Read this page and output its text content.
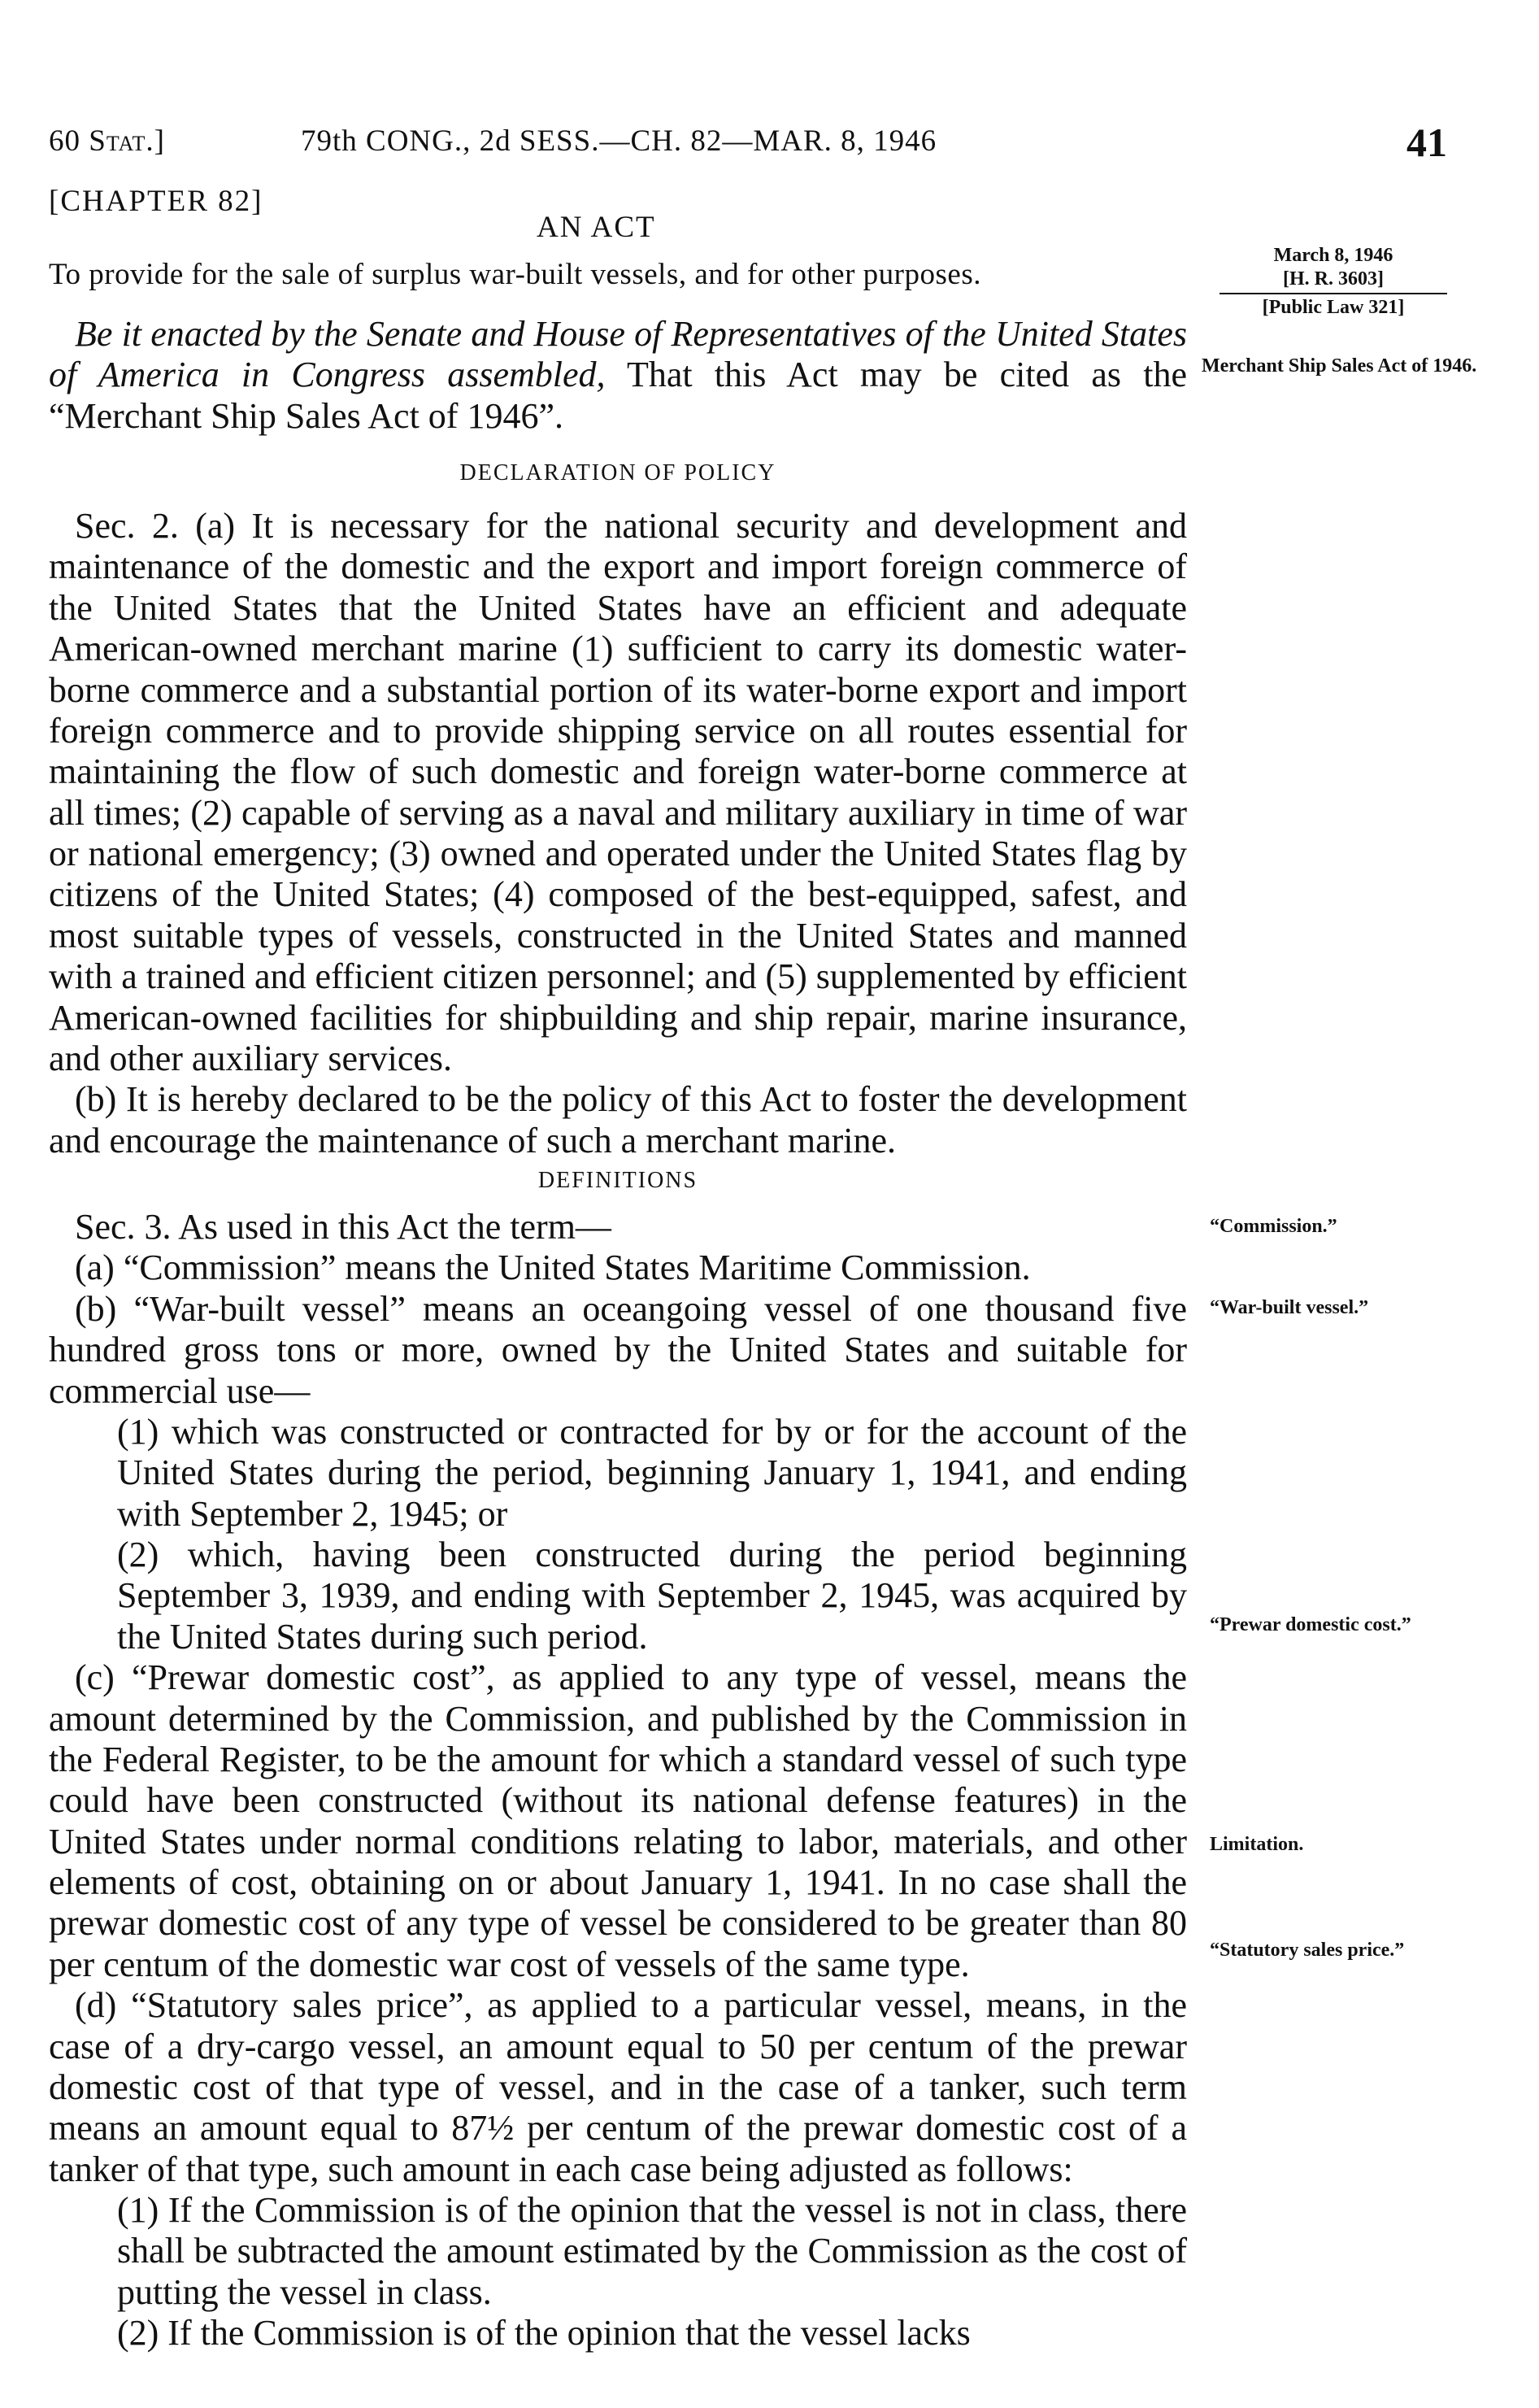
60 Stat.]	79th CONG., 2d SESS.—CH. 82—MAR. 8, 1946	41
[CHAPTER 82]
AN ACT
To provide for the sale of surplus war-built vessels, and for other purposes.
March 8, 1946
[H. R. 3603]
[Public Law 321]

Be it enacted by the Senate and House of Representatives of the United States of America in Congress assembled, That this Act may be cited as the “Merchant Ship Sales Act of 1946”.

Merchant Ship Sales Act of 1946.
DECLARATION OF POLICY

Sec. 2. (a) It is necessary for the national security and development and maintenance of the domestic and the export and import foreign commerce of the United States that the United States have an efficient and adequate American-owned merchant marine (1) sufficient to carry its domestic water-borne commerce and a substantial portion of its water-borne export and import foreign commerce and to provide shipping service on all routes essential for maintaining the flow of such domestic and foreign water-borne commerce at all times; (2) capable of serving as a naval and military auxiliary in time of war or national emergency; (3) owned and operated under the United States flag by citizens of the United States; (4) composed of the best-equipped, safest, and most suitable types of vessels, constructed in the United States and manned with a trained and efficient citizen personnel; and (5) supplemented by efficient American-owned facilities for shipbuilding and ship repair, marine insurance, and other auxiliary services.

(b) It is hereby declared to be the policy of this Act to foster the development and encourage the maintenance of such a merchant marine.

DEFINITIONS

Sec. 3. As used in this Act the term—

(a) “Commission” means the United States Maritime Commission.

(b) “War-built vessel” means an oceangoing vessel of one thousand five hundred gross tons or more, owned by the United States and suitable for commercial use—

(1) which was constructed or contracted for by or for the account of the United States during the period, beginning January 1, 1941, and ending with September 2, 1945; or

(2) which, having been constructed during the period beginning September 3, 1939, and ending with September 2, 1945, was acquired by the United States during such period.

(c) “Prewar domestic cost”, as applied to any type of vessel, means the amount determined by the Commission, and published by the Commission in the Federal Register, to be the amount for which a standard vessel of such type could have been constructed (without its national defense features) in the United States under normal conditions relating to labor, materials, and other elements of cost, obtaining on or about January 1, 1941. In no case shall the prewar domestic cost of any type of vessel be considered to be greater than 80 per centum of the domestic war cost of vessels of the same type.

(d) “Statutory sales price”, as applied to a particular vessel, means, in the case of a dry-cargo vessel, an amount equal to 50 per centum of the prewar domestic cost of that type of vessel, and in the case of a tanker, such term means an amount equal to 87½ per centum of the prewar domestic cost of a tanker of that type, such amount in each case being adjusted as follows:

(1) If the Commission is of the opinion that the vessel is not in class, there shall be subtracted the amount estimated by the Commission as the cost of putting the vessel in class.

(2) If the Commission is of the opinion that the vessel lacks

“Commission.”
“War-built vessel.”
“Prewar domestic cost.”
Limitation.
“Statutory sales price.”
